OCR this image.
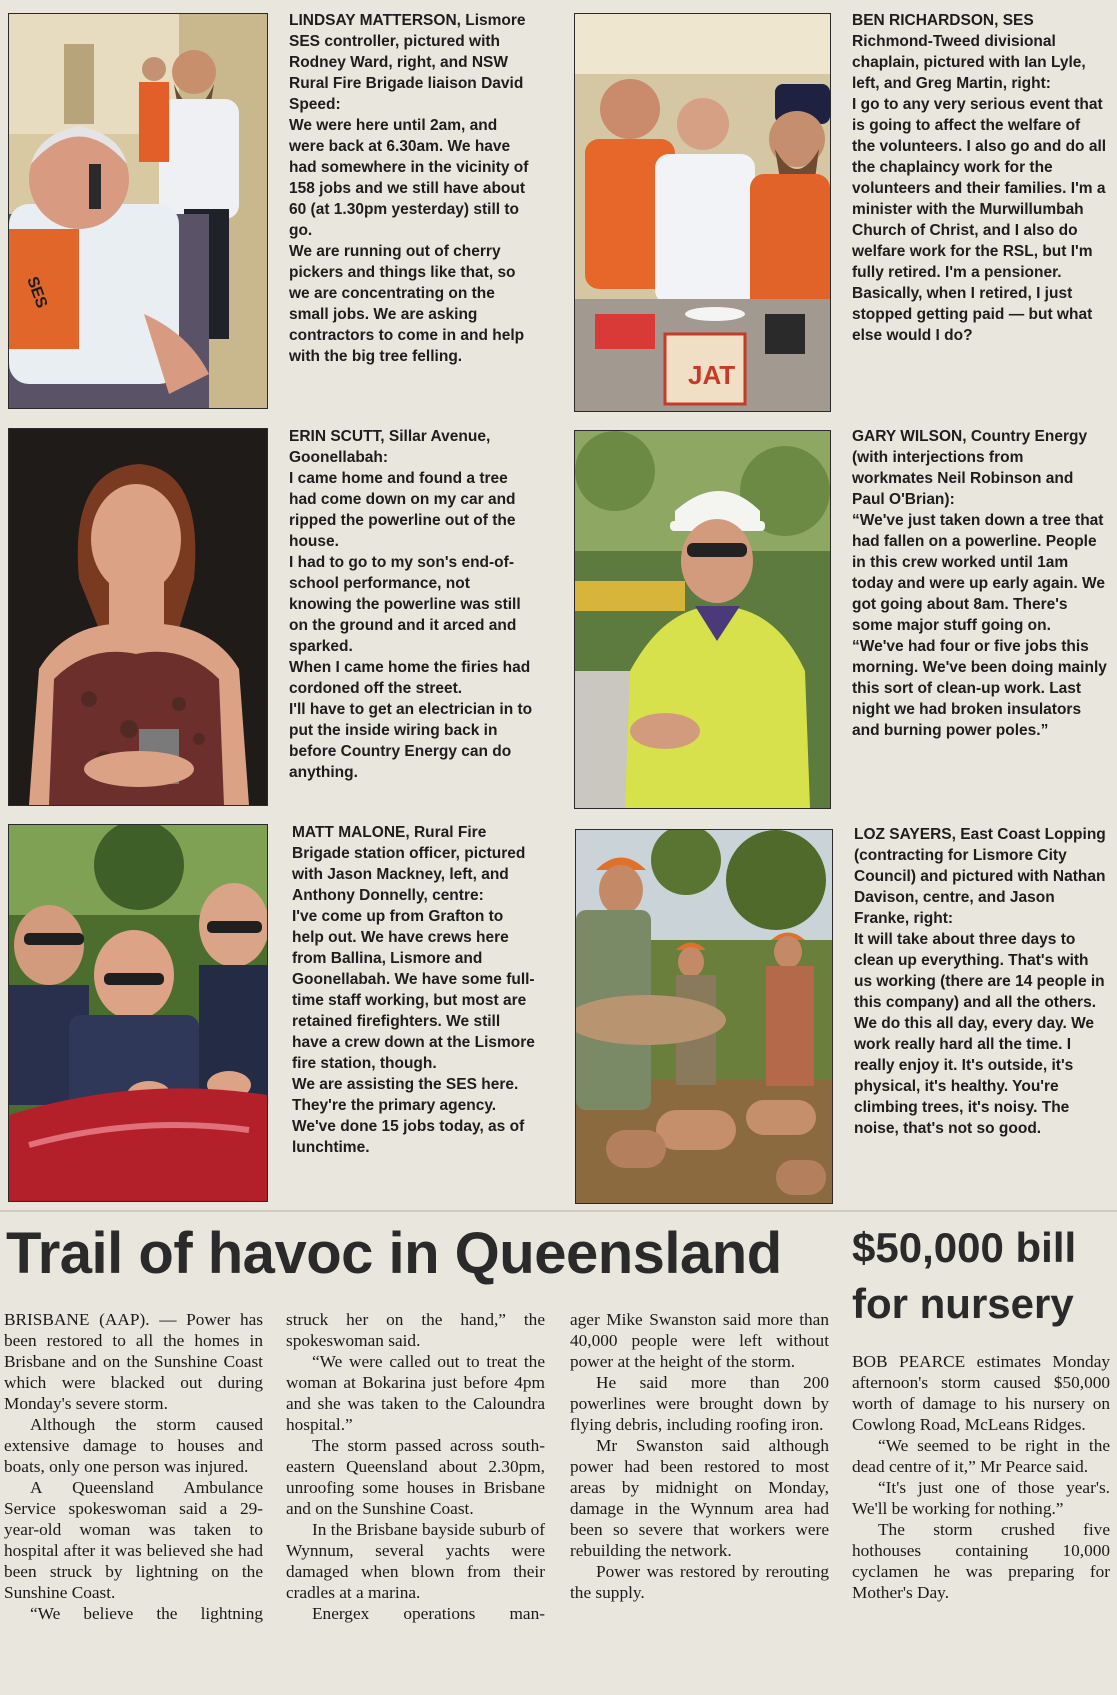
SES
JAT
LINDSAY MATTERSON, Lismore SES controller, pictured with Rodney Ward, right, and NSW Rural Fire Brigade liaison David Speed:
We were here until 2am, and were back at 6.30am. We have had somewhere in the vicinity of 158 jobs and we still have about 60 (at 1.30pm yesterday) still to go.
We are running out of cherry pickers and things like that, so we are concentrating on the small jobs. We are asking contractors to come in and help with the big tree felling.
BEN RICHARDSON, SES Richmond-Tweed divisional chaplain, pictured with Ian Lyle, left, and Greg Martin, right:
I go to any very serious event that is going to affect the welfare of the volunteers. I also go and do all the chaplaincy work for the volunteers and their families. I'm a minister with the Murwillumbah Church of Christ, and I also do welfare work for the RSL, but I'm fully retired. I'm a pensioner. Basically, when I retired, I just stopped getting paid — but what else would I do?
ERIN SCUTT, Sillar Avenue, Goonellabah:
I came home and found a tree had come down on my car and ripped the powerline out of the house.
I had to go to my son's end-of-school performance, not knowing the powerline was still on the ground and it arced and sparked.
When I came home the firies had cordoned off the street.
I'll have to get an electrician in to put the inside wiring back in before Country Energy can do anything.
GARY WILSON, Country Energy (with interjections from workmates Neil Robinson and Paul O'Brian):
“We've just taken down a tree that had fallen on a powerline. People in this crew worked until 1am today and were up early again. We got going about 8am. There's some major stuff going on.
“We've had four or five jobs this morning. We've been doing mainly this sort of clean-up work. Last night we had broken insulators and burning power poles.”
MATT MALONE, Rural Fire Brigade station officer, pictured with Jason Mackney, left, and Anthony Donnelly, centre:
I've come up from Grafton to help out. We have crews here from Ballina, Lismore and Goonellabah. We have some full-time staff working, but most are retained firefighters. We still have a crew down at the Lismore fire station, though.
We are assisting the SES here. They're the primary agency. We've done 15 jobs today, as of lunchtime.
LOZ SAYERS, East Coast Lopping (contracting for Lismore City Council) and pictured with Nathan Davison, centre, and Jason Franke, right:
It will take about three days to clean up everything. That's with us working (there are 14 people in this company) and all the others. We do this all day, every day. We work really hard all the time. I really enjoy it. It's outside, it's physical, it's healthy. You're climbing trees, it's noisy. The noise, that's not so good.
Trail of havoc in Queensland
BRISBANE (AAP). — Power has been restored to all the homes in Brisbane and on the Sunshine Coast which were blacked out during Monday's severe storm.
Although the storm caused extensive damage to houses and boats, only one person was injured.
A Queensland Ambulance Service spokeswoman said a 29-year-old woman was taken to hospital after it was believed she had been struck by lightning on the Sunshine Coast.
“We believe the lightning
struck her on the hand,” the spokeswoman said.
“We were called out to treat the woman at Bokarina just before 4pm and she was taken to the Caloundra hospital.”
The storm passed across south-eastern Queensland about 2.30pm, unroofing some houses in Brisbane and on the Sunshine Coast.
In the Brisbane bayside suburb of Wynnum, several yachts were damaged when blown from their cradles at a marina.
Energex operations man-
ager Mike Swanston said more than 40,000 people were left without power at the height of the storm.
He said more than 200 powerlines were brought down by flying debris, including roofing iron.
Mr Swanston said although power had been restored to most areas by midnight on Monday, damage in the Wynnum area had been so severe that workers were rebuilding the network.
Power was restored by rerouting the supply.
$50,000 bill
for nursery
BOB PEARCE estimates Monday afternoon's storm caused $50,000 worth of damage to his nursery on Cowlong Road, McLeans Ridges.
“We seemed to be right in the dead centre of it,” Mr Pearce said.
“It's just one of those year's. We'll be working for nothing.”
The storm crushed five hothouses containing 10,000 cyclamen he was preparing for Mother's Day.
